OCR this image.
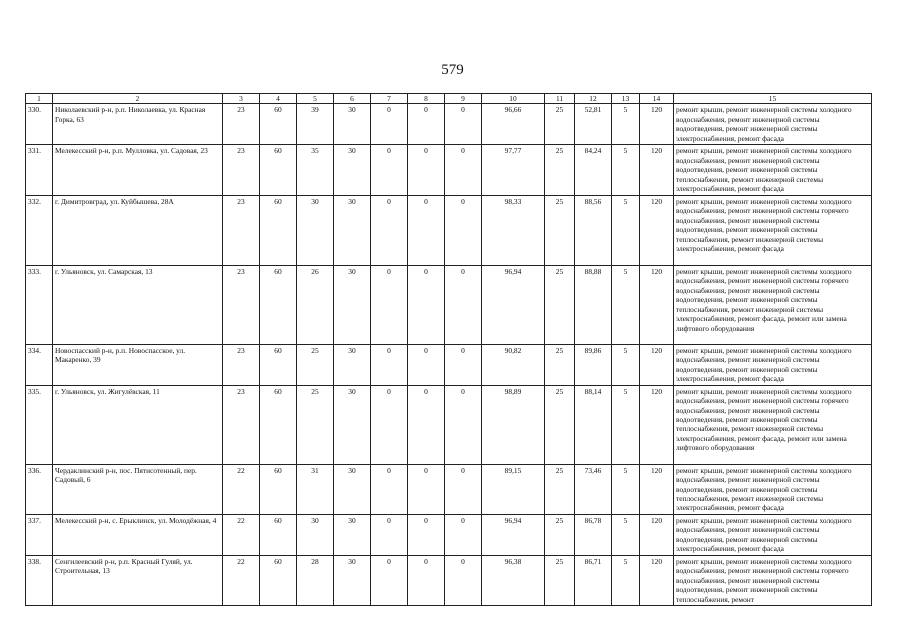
579
1	2	3	4	5	6	7	8	9	10	11	12	13	14	15
330.	Николаевский р-н, р.п. Николаевка, ул. Красная Горка, 63	23	60	39	30	0	0	0	96,66	25	52,81	5	120	ремонт крыши, ремонт инженерной системы холодного водоснабжения, ремонт инженерной системы водоотведения, ремонт инженерной системы электроснабжения, ремонт фасада
331.	Мелекесский р-н, р.п. Мулловка, ул. Садовая, 23	23	60	35	30	0	0	0	97,77	25	84,24	5	120	ремонт крыши, ремонт инженерной системы холодного водоснабжения, ремонт инженерной системы водоотведения, ремонт инженерной системы теплоснабжения, ремонт инженерной системы электроснабжения, ремонт фасада
332.	г. Димитровград, ул. Куйбышева, 28А	23	60	30	30	0	0	0	98,33	25	88,56	5	120	ремонт крыши, ремонт инженерной системы холодного водоснабжения, ремонт инженерной системы горячего водоснабжения, ремонт инженерной системы водоотведения, ремонт инженерной системы теплоснабжения, ремонт инженерной системы электроснабжения, ремонт фасада
333.	г. Ульяновск, ул. Самарская, 13	23	60	26	30	0	0	0	96,94	25	88,88	5	120	ремонт крыши, ремонт инженерной системы холодного водоснабжения, ремонт инженерной системы горячего водоснабжения, ремонт инженерной системы водоотведения, ремонт инженерной системы теплоснабжения, ремонт инженерной системы электроснабжения, ремонт фасада, ремонт или замена лифтового оборудования
334.	Новоспасский р-н, р.п. Новоспасское, ул. Макаренко, 39	23	60	25	30	0	0	0	90,82	25	89,86	5	120	ремонт крыши, ремонт инженерной системы холодного водоснабжения, ремонт инженерной системы водоотведения, ремонт инженерной системы электроснабжения, ремонт фасада
335.	г. Ульяновск, ул. Жигулёвская, 11	23	60	25	30	0	0	0	98,89	25	88,14	5	120	ремонт крыши, ремонт инженерной системы холодного водоснабжения, ремонт инженерной системы горячего водоснабжения, ремонт инженерной системы водоотведения, ремонт инженерной системы теплоснабжения, ремонт инженерной системы электроснабжения, ремонт фасада, ремонт или замена лифтового оборудования
336.	Чердаклинский р-н, пос. Пятисотенный, пер. Садовый, 6	22	60	31	30	0	0	0	89,15	25	73,46	5	120	ремонт крыши, ремонт инженерной системы холодного водоснабжения, ремонт инженерной системы водоотведения, ремонт инженерной системы теплоснабжения, ремонт инженерной системы электроснабжения, ремонт фасада
337.	Мелекесский р-н, с. Ерыклинск, ул. Молодёжная, 4	22	60	30	30	0	0	0	96,94	25	86,78	5	120	ремонт крыши, ремонт инженерной системы холодного водоснабжения, ремонт инженерной системы водоотведения, ремонт инженерной системы электроснабжения, ремонт фасада
338.	Сенгилеевский р-н, р.п. Красный Гуляй, ул. Строительная, 13	22	60	28	30	0	0	0	96,38	25	86,71	5	120	ремонт крыши, ремонт инженерной системы холодного водоснабжения, ремонт инженерной системы горячего водоснабжения, ремонт инженерной системы водоотведения, ремонт инженерной системы теплоснабжения, ремонт
